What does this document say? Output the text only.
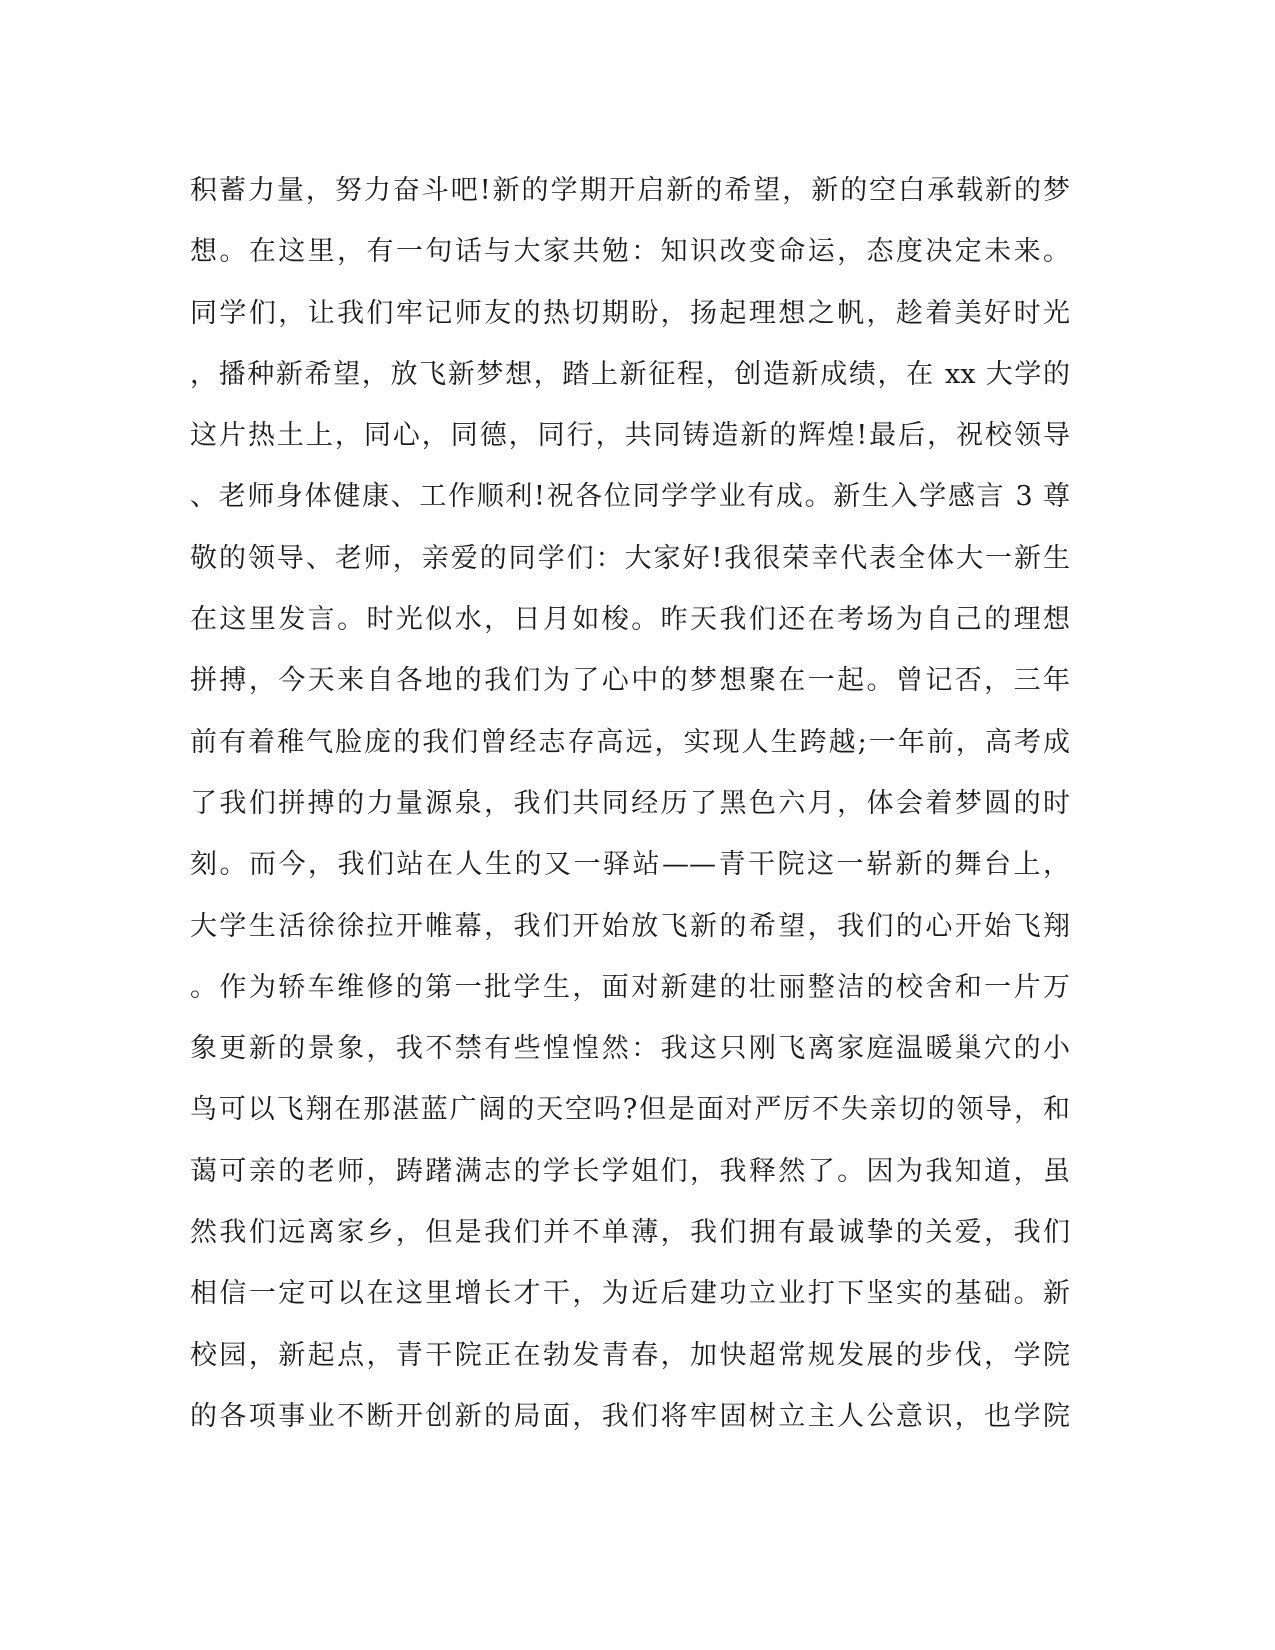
积蓄力量，努力奋斗吧!新的学期开启新的希望，新的空白承载新的梦
想。在这里，有一句话与大家共勉：知识改变命运，态度决定未来。
同学们，让我们牢记师友的热切期盼，扬起理想之帆，趁着美好时光
，播种新希望，放飞新梦想，踏上新征程，创造新成绩，在 xx 大学的
这片热土上，同心，同德，同行，共同铸造新的辉煌!最后，祝校领导
、老师身体健康、工作顺利!祝各位同学学业有成。新生入学感言 3 尊
敬的领导、老师，亲爱的同学们：大家好!我很荣幸代表全体大一新生
在这里发言。时光似水，日月如梭。昨天我们还在考场为自己的理想
拼搏，今天来自各地的我们为了心中的梦想聚在一起。曾记否，三年
前有着稚气脸庞的我们曾经志存高远，实现人生跨越;一年前，高考成
了我们拼搏的力量源泉，我们共同经历了黑色六月，体会着梦圆的时
刻。而今，我们站在人生的又一驿站——青干院这一崭新的舞台上，
大学生活徐徐拉开帷幕，我们开始放飞新的希望，我们的心开始飞翔
。作为轿车维修的第一批学生，面对新建的壮丽整洁的校舍和一片万
象更新的景象，我不禁有些惶惶然：我这只刚飞离家庭温暖巢穴的小
鸟可以飞翔在那湛蓝广阔的天空吗?但是面对严厉不失亲切的领导，和
蔼可亲的老师，踌躇满志的学长学姐们，我释然了。因为我知道，虽
然我们远离家乡，但是我们并不单薄，我们拥有最诚挚的关爱，我们
相信一定可以在这里增长才干，为近后建功立业打下坚实的基础。新
校园，新起点，青干院正在勃发青春，加快超常规发展的步伐，学院
的各项事业不断开创新的局面，我们将牢固树立主人公意识，也学院
